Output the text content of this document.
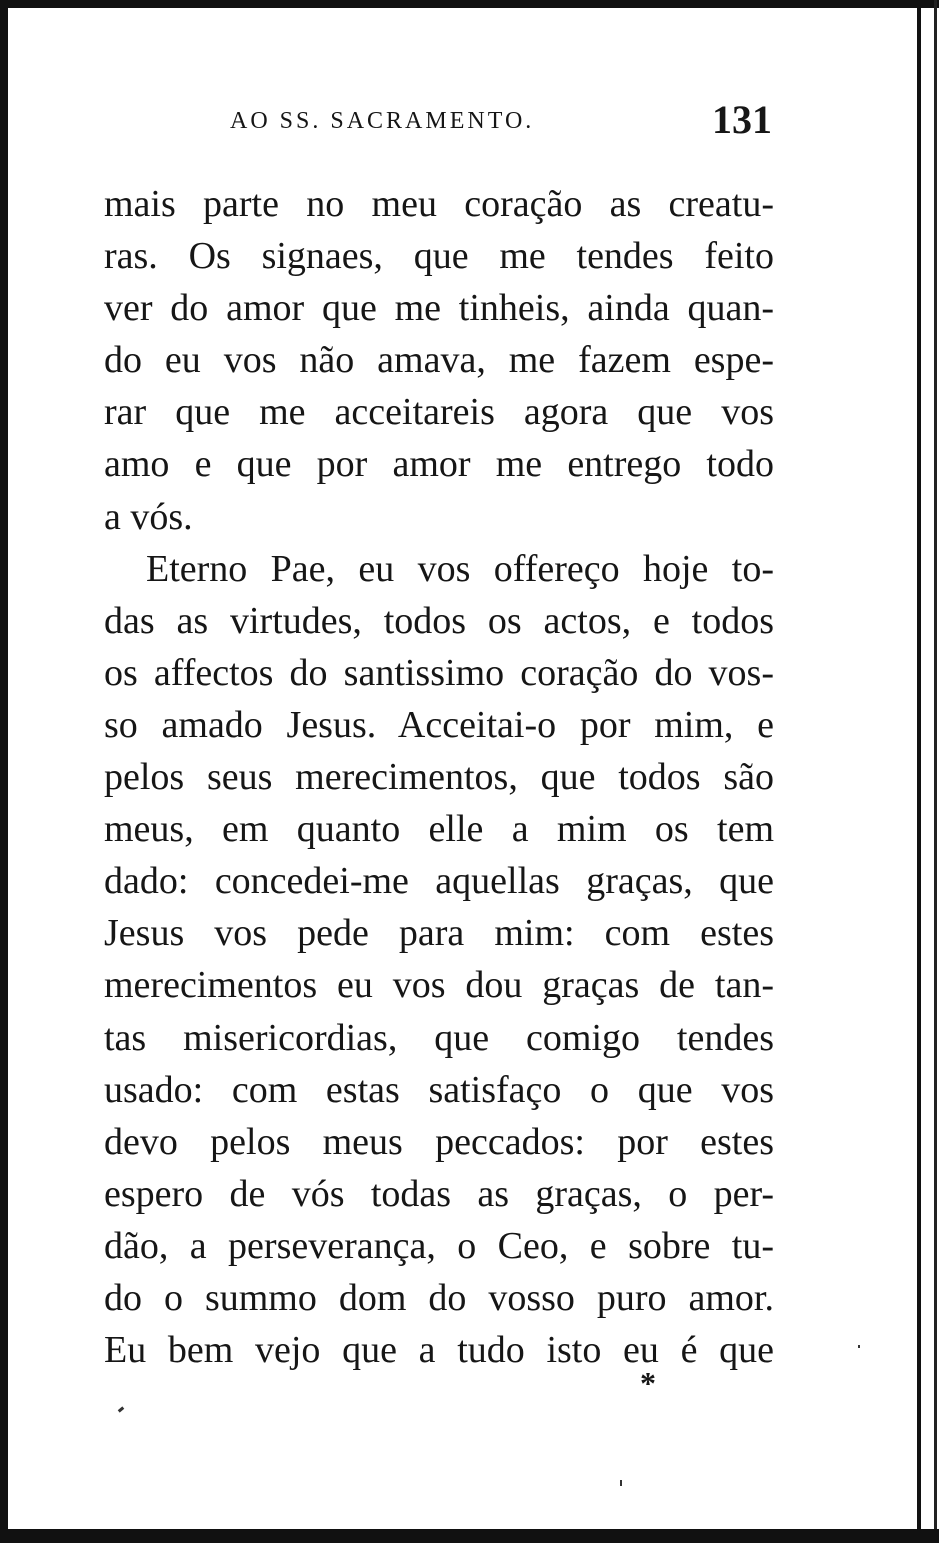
AO SS. SACRAMENTO.	131
mais parte no meu coração as creatu-
ras. Os signaes, que me tendes feito
ver do amor que me tinheis, ainda quan-
do eu vos não amava, me fazem espe-
rar que me acceitareis agora que vos
amo e que por amor me entrego todo
a vós.
Eterno Pae, eu vos offereço hoje to-
das as virtudes, todos os actos, e todos
os affectos do santissimo coração do vos-
so amado Jesus. Acceitai-o por mim, e
pelos seus merecimentos, que todos são
meus, em quanto elle a mim os tem
dado: concedei-me aquellas graças, que
Jesus vos pede para mim: com estes
merecimentos eu vos dou graças de tan-
tas misericordias, que comigo tendes
usado: com estas satisfaço o que vos
devo pelos meus peccados: por estes
espero de vós todas as graças, o per-
dão, a perseverança, o Ceo, e sobre tu-
do o summo dom do vosso puro amor.
Eu bem vejo que a tudo isto eu é que
*
